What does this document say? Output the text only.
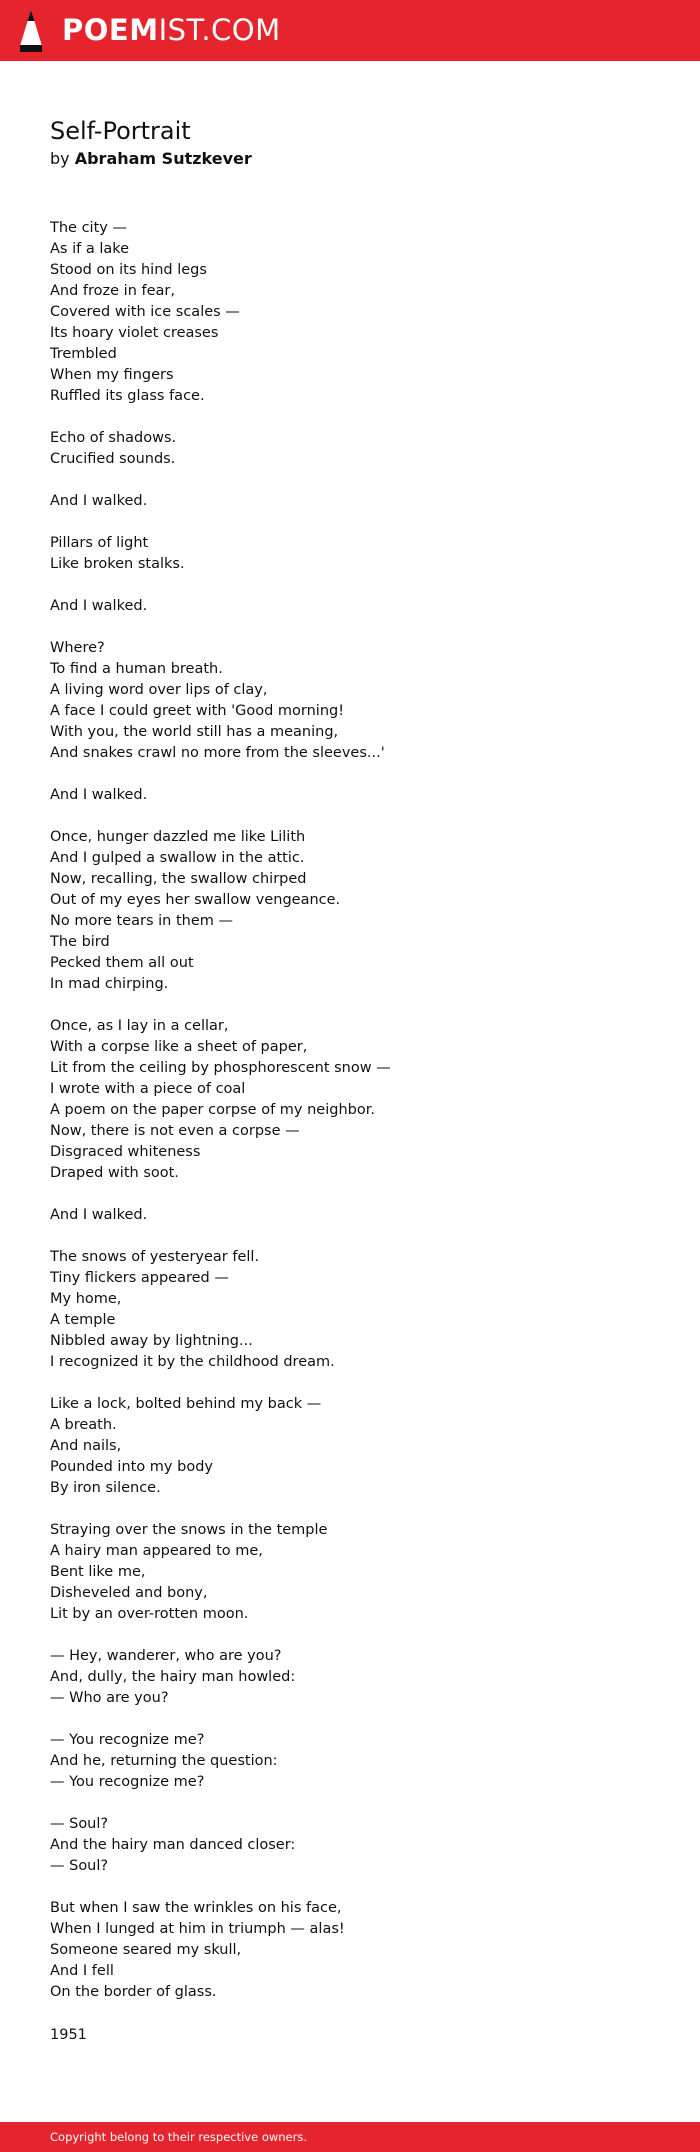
POEMIST.COM
Self-Portrait
by Abraham Sutzkever
The city —
As if a lake
Stood on its hind legs
And froze in fear,
Covered with ice scales —
Its hoary violet creases
Trembled
When my fingers
Ruffled its glass face.
Echo of shadows.
Crucified sounds.
And I walked.
Pillars of light
Like broken stalks.
And I walked.
Where?
To find a human breath.
A living word over lips of clay,
A face I could greet with 'Good morning!
With you, the world still has a meaning,
And snakes crawl no more from the sleeves...'
And I walked.
Once, hunger dazzled me like Lilith
And I gulped a swallow in the attic.
Now, recalling, the swallow chirped
Out of my eyes her swallow vengeance.
No more tears in them —
The bird
Pecked them all out
In mad chirping.
Once, as I lay in a cellar,
With a corpse like a sheet of paper,
Lit from the ceiling by phosphorescent snow —
I wrote with a piece of coal
A poem on the paper corpse of my neighbor.
Now, there is not even a corpse —
Disgraced whiteness
Draped with soot.
And I walked.
The snows of yesteryear fell.
Tiny flickers appeared —
My home,
A temple
Nibbled away by lightning...
I recognized it by the childhood dream.
Like a lock, bolted behind my back —
A breath.
And nails,
Pounded into my body
By iron silence.
Straying over the snows in the temple
A hairy man appeared to me,
Bent like me,
Disheveled and bony,
Lit by an over-rotten moon.
— Hey, wanderer, who are you?
And, dully, the hairy man howled:
— Who are you?
— You recognize me?
And he, returning the question:
— You recognize me?
— Soul?
And the hairy man danced closer:
— Soul?
But when I saw the wrinkles on his face,
When I lunged at him in triumph — alas!
Someone seared my skull,
And I fell
On the border of glass.
1951
Copyright belong to their respective owners.
